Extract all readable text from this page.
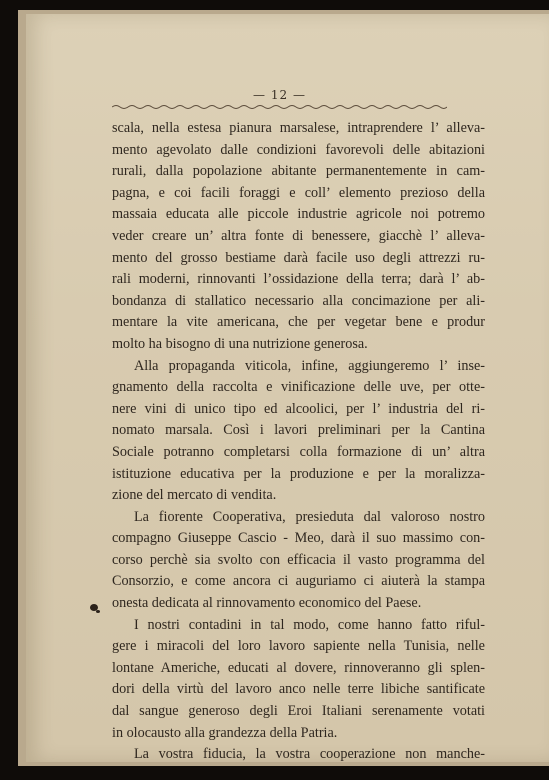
— 12 —
scala, nella estesa pianura marsalese, intraprendere l’ alleva-
mento agevolato dalle condizioni favorevoli delle abitazioni
rurali, dalla popolazione abitante permanentemente in cam-
pagna, e coi facili foraggi e coll’ elemento prezioso della
massaia educata alle piccole industrie agricole noi potremo
veder creare un’ altra fonte di benessere, giacchè l’ alleva-
mento del grosso bestiame darà facile uso degli attrezzi ru-
rali moderni, rinnovanti l’ossidazione della terra; darà l’ ab-
bondanza di stallatico necessario alla concimazione per ali-
mentare la vite americana, che per vegetar bene e produr
molto ha bisogno di una nutrizione generosa.
Alla propaganda viticola, infine, aggiungeremo l’ inse-
gnamento della raccolta e vinificazione delle uve, per otte-
nere vini di unico tipo ed alcoolici, per l’ industria del ri-
nomato marsala. Così i lavori preliminari per la Cantina
Sociale potranno completarsi colla formazione di un’ altra
istituzione educativa per la produzione e per la moralizza-
zione del mercato di vendita.
La fiorente Cooperativa, presieduta dal valoroso nostro
compagno Giuseppe Cascio - Meo, darà il suo massimo con-
corso perchè sia svolto con efficacia il vasto programma del
Consorzio, e come ancora ci auguriamo ci aiuterà la stampa
onesta dedicata al rinnovamento economico del Paese.
I nostri contadini in tal modo, come hanno fatto riful-
gere i miracoli del loro lavoro sapiente nella Tunisia, nelle
lontane Americhe, educati al dovere, rinnoveranno gli splen-
dori della virtù del lavoro anco nelle terre libiche santificate
dal sangue generoso degli Eroi Italiani serenamente votati
in olocausto alla grandezza della Patria.
La vostra fiducia, la vostra cooperazione non manche-
